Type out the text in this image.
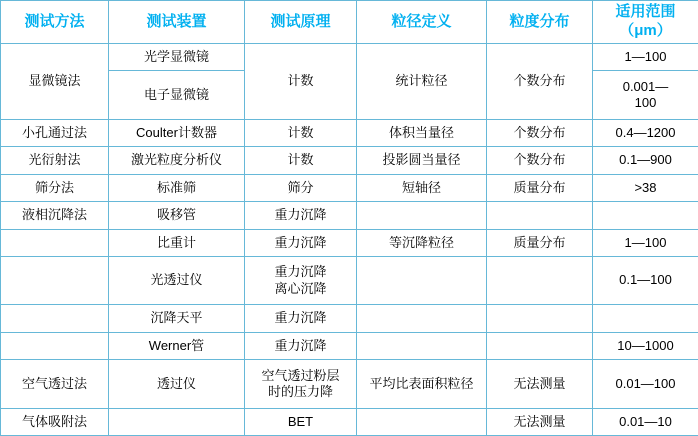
测试方法	测试装置	测试原理	粒径定义	粒度分布	适用范围
（μm）
显微镜法	光学显微镜	计数	统计粒径	个数分布	1—100
	电子显微镜				0.001—
100
小孔通过法	Coulter计数器	计数	体积当量径	个数分布	0.4—1200
光衍射法	激光粒度分析仪	计数	投影圆当量径	个数分布	0.1—900
筛分法	标准筛	筛分	短轴径	质量分布	>38
液相沉降法	吸移管	重力沉降			
	比重计	重力沉降	等沉降粒径	质量分布	1—100
	光透过仪	重力沉降
离心沉降			0.1—100
	沉降天平	重力沉降			
	Werner管	重力沉降			10—1000
空气透过法	透过仪	空气透过粉层
时的压力降	平均比表面积粒径	无法测量	0.01—100
气体吸附法		BET		无法测量	0.01—10
